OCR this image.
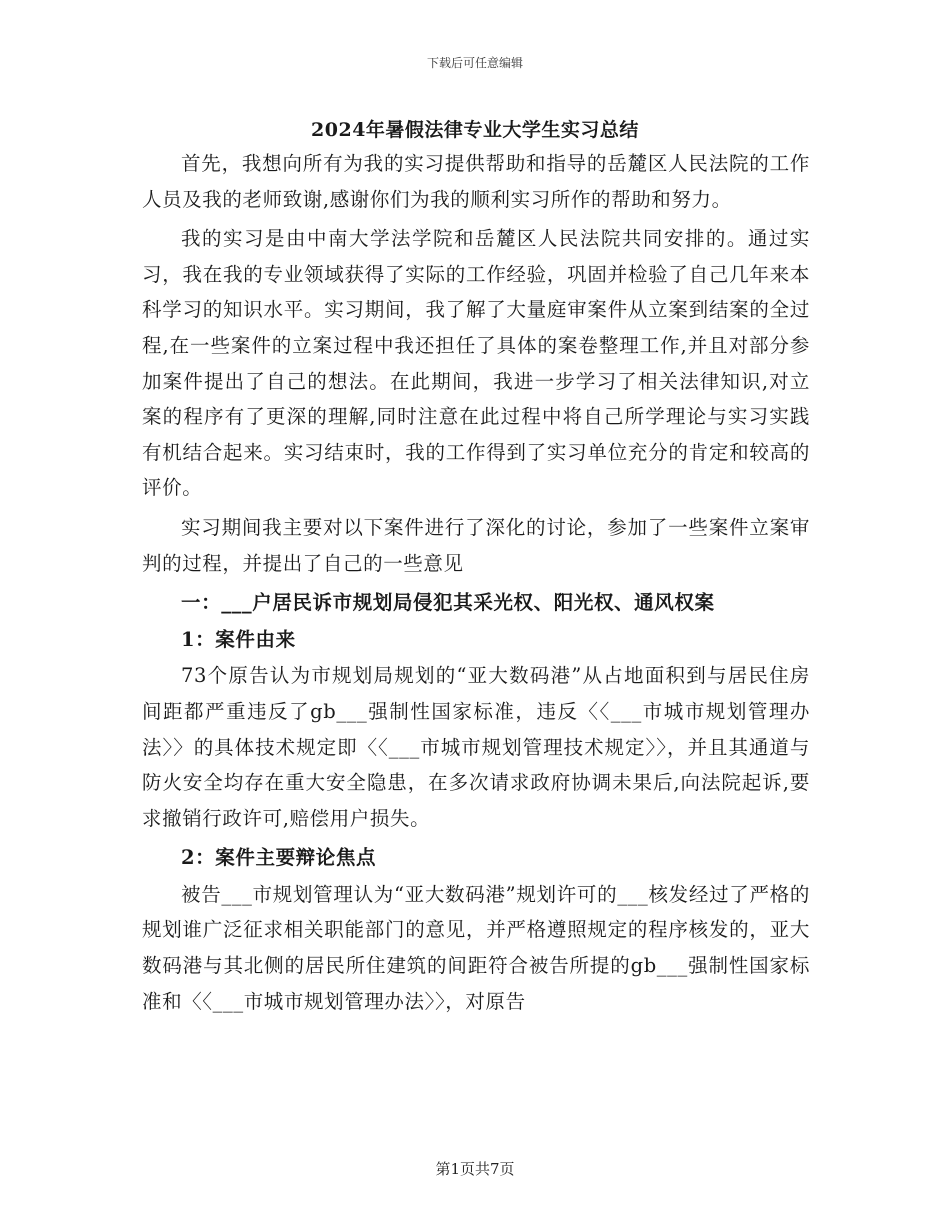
下载后可任意编辑
2024年暑假法律专业大学生实习总结

首先，我想向所有为我的实习提供帮助和指导的岳麓区人民法院的工作人员及我的老师致谢,感谢你们为我的顺利实习所作的帮助和努力。

我的实习是由中南大学法学院和岳麓区人民法院共同安排的。通过实习，我在我的专业领域获得了实际的工作经验，巩固并检验了自己几年来本科学习的知识水平。实习期间，我了解了大量庭审案件从立案到结案的全过程,在一些案件的立案过程中我还担任了具体的案卷整理工作,并且对部分参加案件提出了自己的想法。在此期间，我进一步学习了相关法律知识,对立案的程序有了更深的理解,同时注意在此过程中将自己所学理论与实习实践有机结合起来。实习结束时，我的工作得到了实习单位充分的肯定和较高的评价。

实习期间我主要对以下案件进行了深化的讨论，参加了一些案件立案审判的过程，并提出了自己的一些意见

一：___户居民诉市规划局侵犯其采光权、阳光权、通风权案

1：案件由来

73个原告认为市规划局规划的“亚大数码港”从占地面积到与居民住房间距都严重违反了gb___强制性国家标准，违反〈〈___市城市规划管理办法〉〉的具体技术规定即〈〈___市城市规划管理技术规定〉〉，并且其通道与防火安全均存在重大安全隐患，在多次请求政府协调未果后,向法院起诉,要求撤销行政许可,赔偿用户损失。

2：案件主要辩论焦点

被告___市规划管理认为“亚大数码港”规划许可的___核发经过了严格的规划谁广泛征求相关职能部门的意见，并严格遵照规定的程序核发的，亚大数码港与其北侧的居民所住建筑的间距符合被告所提的gb___强制性国家标准和〈〈___市城市规划管理办法〉〉，对原告

第1页共7页
